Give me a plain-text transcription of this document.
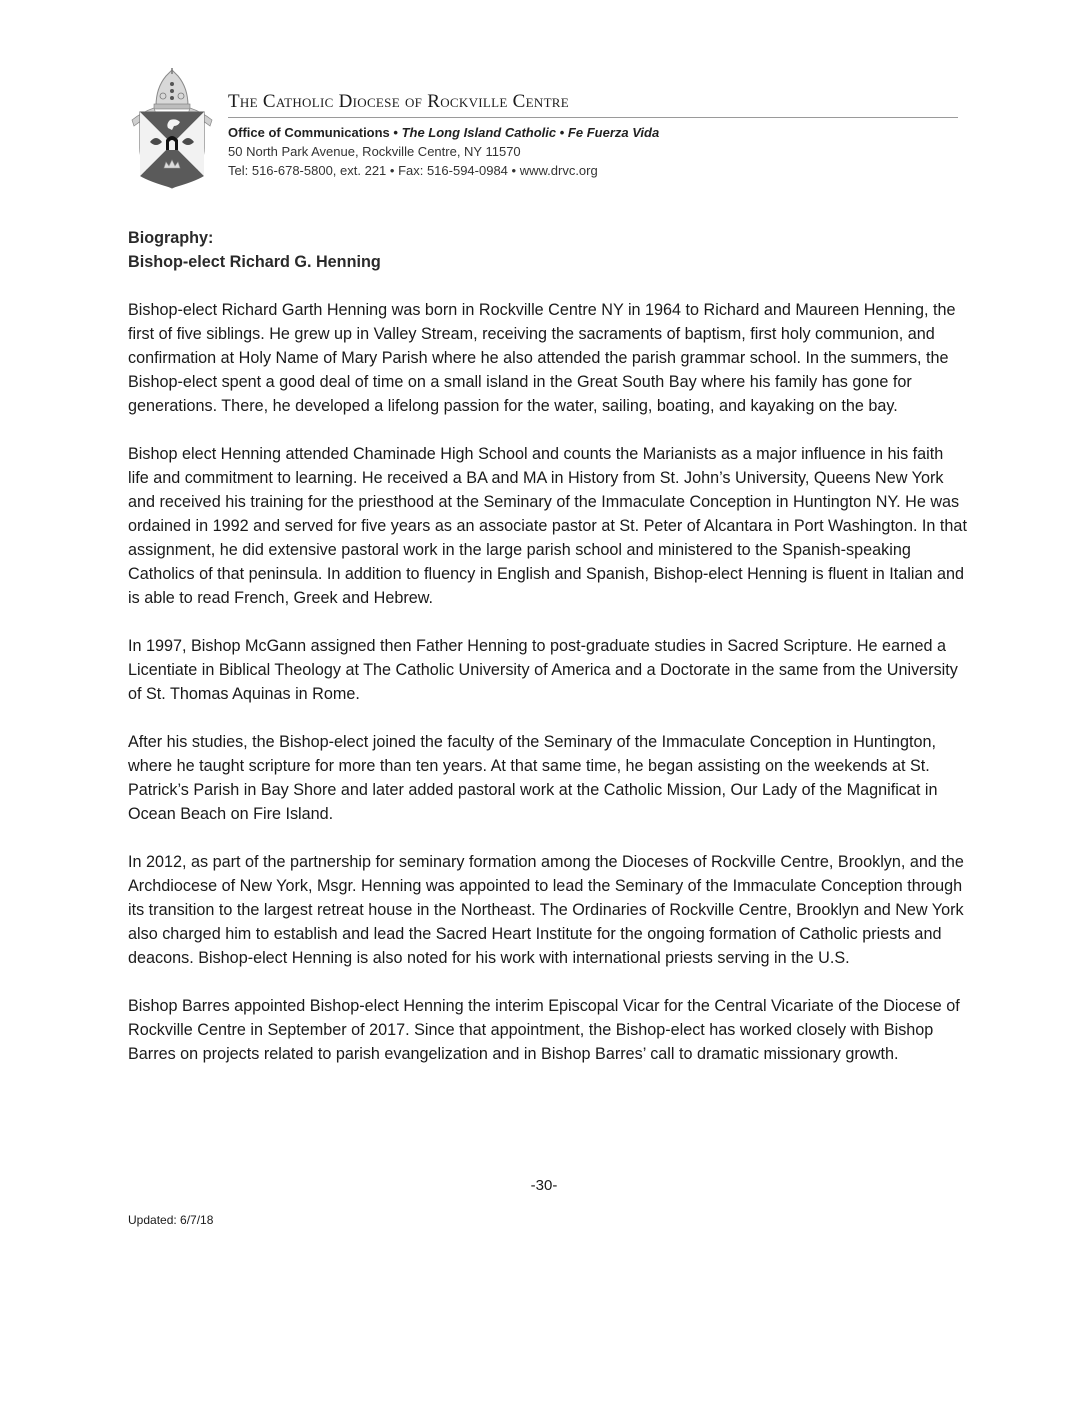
The Catholic Diocese of Rockville Centre
Office of Communications • The Long Island Catholic • Fe Fuerza Vida
50 North Park Avenue, Rockville Centre, NY 11570
Tel: 516-678-5800, ext. 221 • Fax: 516-594-0984 • www.drvc.org
Biography:
Bishop-elect Richard G. Henning

Bishop-elect Richard Garth Henning was born in Rockville Centre NY in 1964 to Richard and Maureen Henning, the first of five siblings. He grew up in Valley Stream, receiving the sacraments of baptism, first holy communion, and confirmation at Holy Name of Mary Parish where he also attended the parish grammar school. In the summers, the Bishop-elect spent a good deal of time on a small island in the Great South Bay where his family has gone for generations. There, he developed a lifelong passion for the water, sailing, boating, and kayaking on the bay.

Bishop elect Henning attended Chaminade High School and counts the Marianists as a major influence in his faith life and commitment to learning. He received a BA and MA in History from St. John’s University, Queens New York and received his training for the priesthood at the Seminary of the Immaculate Conception in Huntington NY. He was ordained in 1992 and served for five years as an associate pastor at St. Peter of Alcantara in Port Washington. In that assignment, he did extensive pastoral work in the large parish school and ministered to the Spanish-speaking Catholics of that peninsula. In addition to fluency in English and Spanish, Bishop-elect Henning is fluent in Italian and is able to read French, Greek and Hebrew.

In 1997, Bishop McGann assigned then Father Henning to post-graduate studies in Sacred Scripture. He earned a Licentiate in Biblical Theology at The Catholic University of America and a Doctorate in the same from the University of St. Thomas Aquinas in Rome.

After his studies, the Bishop-elect joined the faculty of the Seminary of the Immaculate Conception in Huntington, where he taught scripture for more than ten years. At that same time, he began assisting on the weekends at St. Patrick’s Parish in Bay Shore and later added pastoral work at the Catholic Mission, Our Lady of the Magnificat in Ocean Beach on Fire Island.

In 2012, as part of the partnership for seminary formation among the Dioceses of Rockville Centre, Brooklyn, and the Archdiocese of New York, Msgr. Henning was appointed to lead the Seminary of the Immaculate Conception through its transition to the largest retreat house in the Northeast. The Ordinaries of Rockville Centre, Brooklyn and New York also charged him to establish and lead the Sacred Heart Institute for the ongoing formation of Catholic priests and deacons. Bishop-elect Henning is also noted for his work with international priests serving in the U.S.

Bishop Barres appointed Bishop-elect Henning the interim Episcopal Vicar for the Central Vicariate of the Diocese of Rockville Centre in September of 2017. Since that appointment, the Bishop-elect has worked closely with Bishop Barres on projects related to parish evangelization and in Bishop Barres’ call to dramatic missionary growth.

-30-
Updated: 6/7/18
